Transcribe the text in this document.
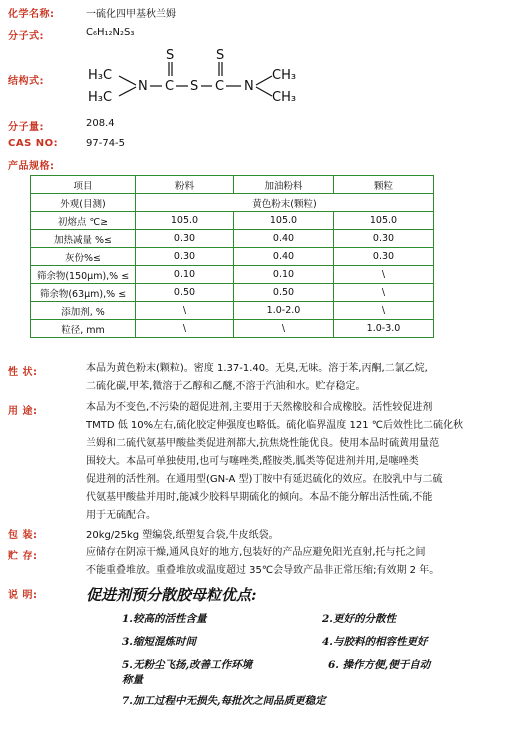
化学名称:	一硫化四甲基秋兰姆
分子式:	C₆H₁₂N₂S₃
结构式:	H₃C
H₃C
N C
S
S C
S
N
CH₃
CH₃
分子量:	208.4
CAS NO:	97-74-5
产品规格:
项目	粉料	加油粉料	颗粒
外观(目测)	黄色粉末(颗粒)		
初熔点 ℃≥	105.0	105.0	105.0
加热减量 %≤	0.30	0.40	0.30
灰份%≤	0.30	0.40	0.30
筛余物(150μm),% ≤	0.10	0.10	\
筛余物(63μm),% ≤	0.50	0.50	\
添加剂, %	\	1.0-2.0	\
粒径, mm	\	\	1.0-3.0
性 状:	本品为黄色粉末(颗粒)。密度 1.37-1.40。无臭,无味。溶于苯,丙酮,二氯乙烷,
二硫化碳,甲苯,微溶于乙醇和乙醚,不溶于汽油和水。贮存稳定。
用 途:	本品为不变色,不污染的超促进剂,主要用于天然橡胶和合成橡胶。活性较促进剂
TMTD 低 10%左右,硫化胶定伸强度也略低。硫化临界温度 121 ℃后效性比二硫化秋
兰姆和二硫代氨基甲酸盐类促进剂都大,抗焦烧性能优良。使用本品时硫黄用量范
围较大。本品可单独使用,也可与噻唑类,醛胺类,胍类等促进剂并用,是噻唑类
促进剂的活性剂。在通用型(GN-A 型)丁胺中有延迟硫化的效应。在胶乳中与二硫
代氨基甲酸盐并用时,能减少胶料早期硫化的倾向。本品不能分解出活性硫,不能
用于无硫配合。
包 装:	20kg/25kg 塑编袋,纸塑复合袋,牛皮纸袋。
贮 存:	应储存在阴凉干燥,通风良好的地方,包装好的产品应避免阳光直射,托与托之间
不能重叠堆放。重叠堆放或温度超过 35℃会导致产品非正常压缩;有效期 2 年。
说 明:	促进剂预分散胶母粒优点:
1.较高的活性含量	2.更好的分散性
3.缩短混炼时间	4.与胶料的相容性更好
5.无粉尘飞扬,改善工作环境	6. 操作方便,便于自动
称量
7.加工过程中无损失,每批次之间品质更稳定
